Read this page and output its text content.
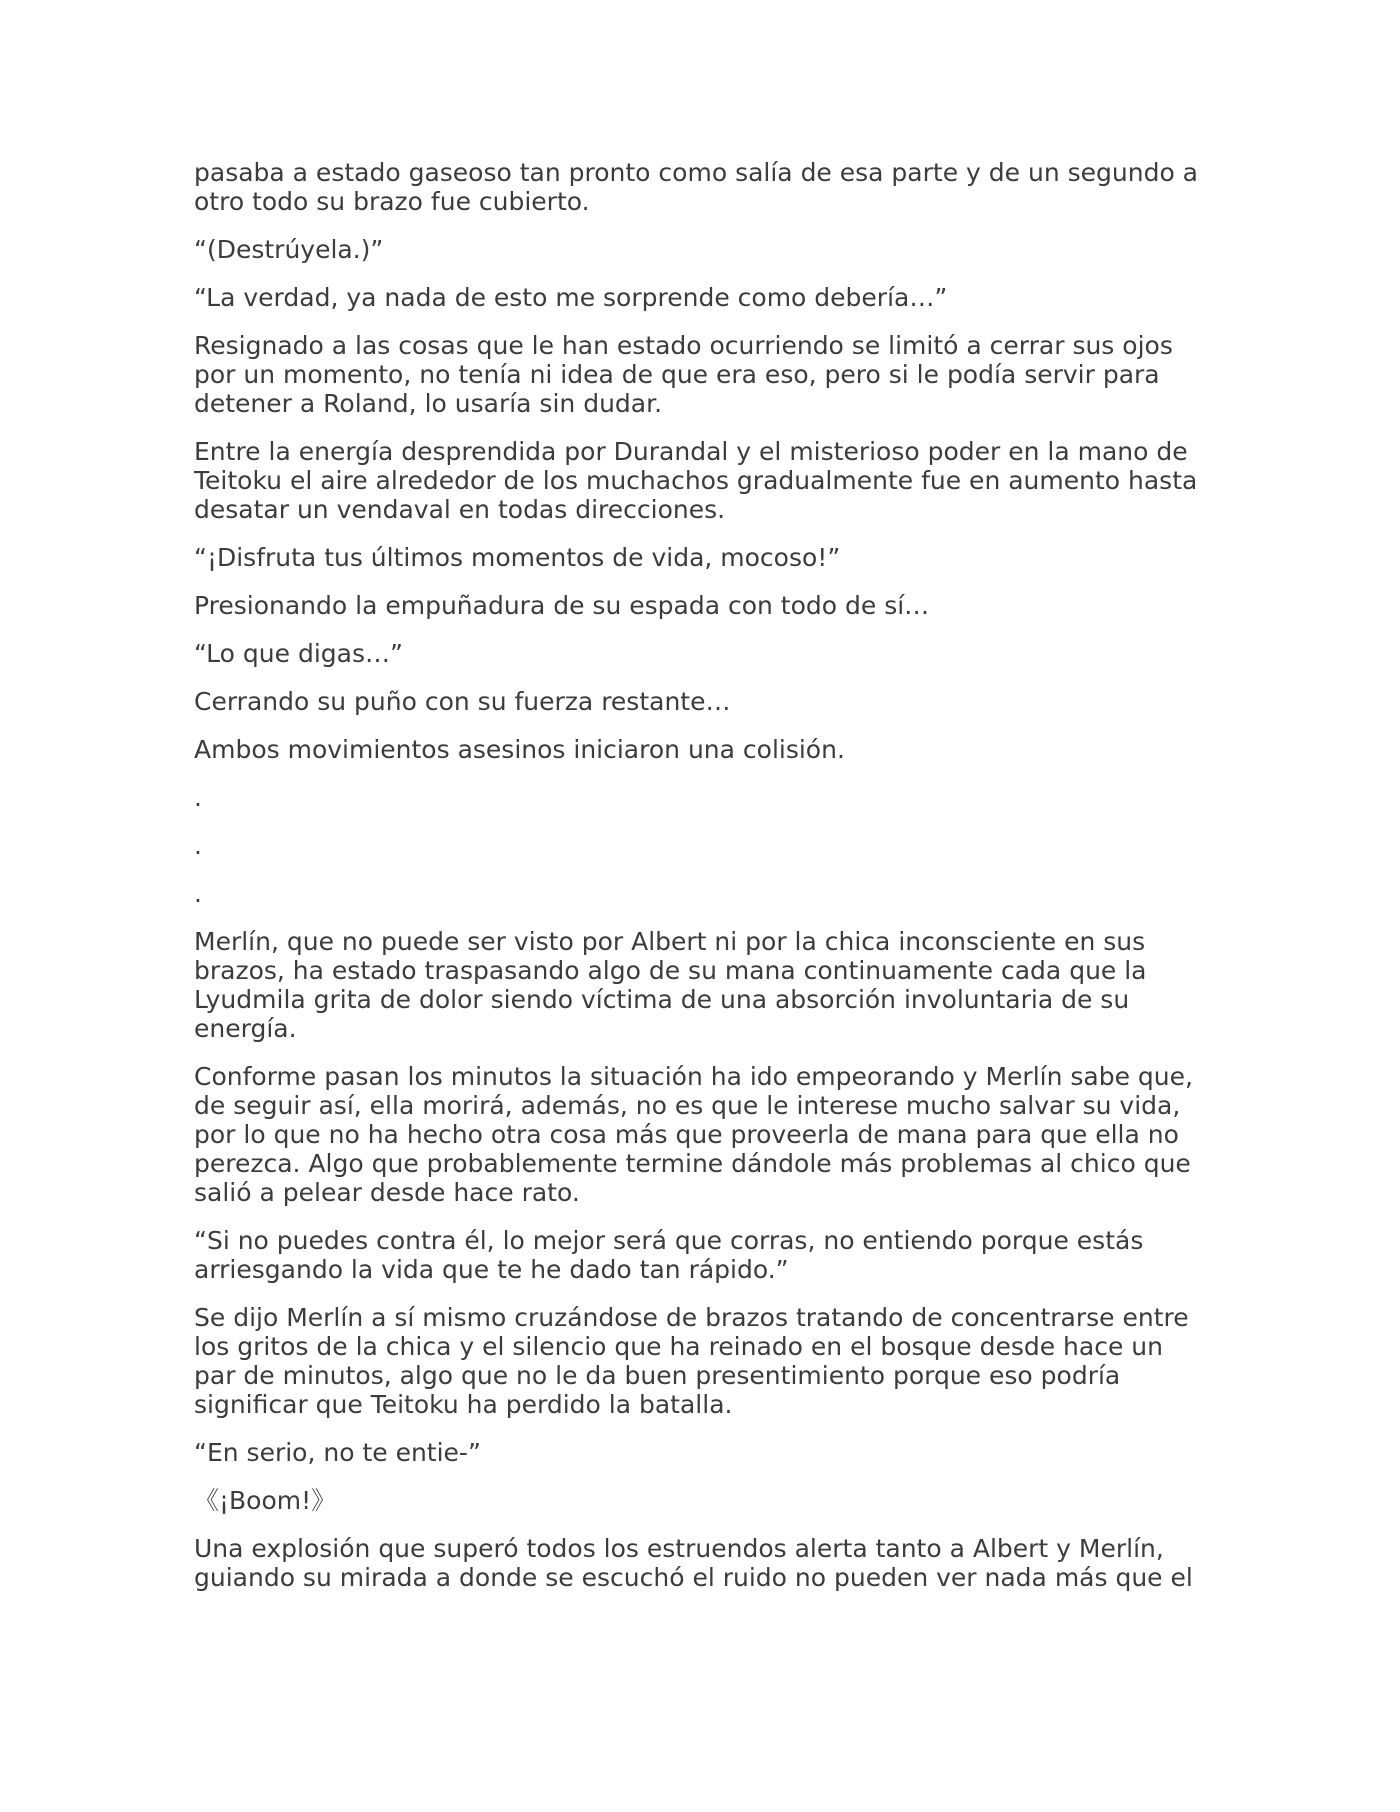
pasaba a estado gaseoso tan pronto como salía de esa parte y de un segundo a otro todo su brazo fue cubierto.

“(Destrúyela.)”

“La verdad, ya nada de esto me sorprende como debería…”

Resignado a las cosas que le han estado ocurriendo se limitó a cerrar sus ojos por un momento, no tenía ni idea de que era eso, pero si le podía servir para detener a Roland, lo usaría sin dudar.

Entre la energía desprendida por Durandal y el misterioso poder en la mano de Teitoku el aire alrededor de los muchachos gradualmente fue en aumento hasta desatar un vendaval en todas direcciones.

“¡Disfruta tus últimos momentos de vida, mocoso!”

Presionando la empuñadura de su espada con todo de sí…

“Lo que digas…”

Cerrando su puño con su fuerza restante…

Ambos movimientos asesinos iniciaron una colisión.

.

.

.

Merlín, que no puede ser visto por Albert ni por la chica inconsciente en sus brazos, ha estado traspasando algo de su mana continuamente cada que la Lyudmila grita de dolor siendo víctima de una absorción involuntaria de su energía.

Conforme pasan los minutos la situación ha ido empeorando y Merlín sabe que, de seguir así, ella morirá, además, no es que le interese mucho salvar su vida, por lo que no ha hecho otra cosa más que proveerla de mana para que ella no perezca. Algo que probablemente termine dándole más problemas al chico que salió a pelear desde hace rato.

“Si no puedes contra él, lo mejor será que corras, no entiendo porque estás arriesgando la vida que te he dado tan rápido.”

Se dijo Merlín a sí mismo cruzándose de brazos tratando de concentrarse entre los gritos de la chica y el silencio que ha reinado en el bosque desde hace un par de minutos, algo que no le da buen presentimiento porque eso podría significar que Teitoku ha perdido la batalla.

“En serio, no te entie-”

《¡Boom!》

Una explosión que superó todos los estruendos alerta tanto a Albert y Merlín, guiando su mirada a donde se escuchó el ruido no pueden ver nada más que el
